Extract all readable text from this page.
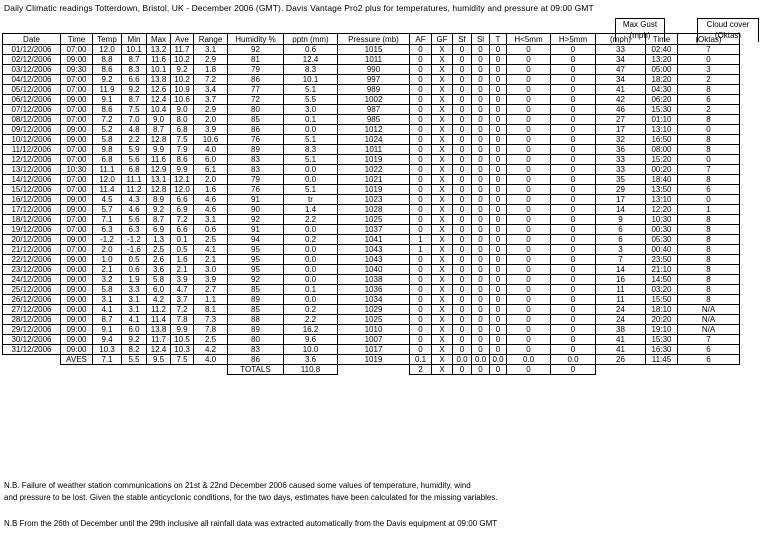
Daily Climatic readings Totterdown, Bristol, UK - December 2006 (GMT). Davis Vantage Pro2 plus for temperatures, humidity and pressure at 09:00 GMT
Max Gust
(mph)
Cloud cover
(Oktas)
Date	Time	Temp	Min	Max	Ave	Range	Humidity %	pptn (mm)	Pressure (mb)	AF	GF	Sf	Sl	T	H<5mm	H>5mm	(mph)	Time	(Oktas)
01/12/2006	07:00	12.0	10.1	13.2	11.7	3.1	92	0.6	1015	0	X	0	0	0	0	0	33	02:40	7
02/12/2006	09:00	8.8	8.7	11.6	10.2	2.9	81	12.4	1011	0	X	0	0	0	0	0	34	13:20	0
03/12/2006	09:30	8.6	8.3	10.1	9.2	1.8	79	8.3	990	0	X	0	0	0	0	0	47	05:00	3
04/12/2006	07:00	9.2	6.6	13.8	10.2	7.2	86	10.1	997	0	X	0	0	0	0	0	34	18:20	2
05/12/2006	07:00	11.9	9.2	12.6	10.9	3.4	77	5.1	989	0	X	0	0	0	0	0	41	04:30	8
06/12/2006	09:00	9.1	8.7	12.4	10.6	3.7	72	5.5	1002	0	X	0	0	0	0	0	42	06:20	6
07/12/2006	07:00	8.6	7.5	10.4	9.0	2.9	80	3.0	987	0	X	0	0	0	0	0	46	15:30	2
08/12/2006	07:00	7.2	7.0	9.0	8.0	2.0	85	0.1	985	0	X	0	0	0	0	0	27	01:10	8
09/12/2006	09:00	5.2	4.8	8.7	6.8	3.9	86	0.0	1012	0	X	0	0	0	0	0	17	13:10	0
10/12/2006	09:00	5.8	2.2	12.8	7.5	10.6	76	5.1	1024	0	X	0	0	0	0	0	32	16:50	8
11/12/2006	07:00	9.8	5.9	9.9	7.9	4.0	89	8.3	1011	0	X	0	0	0	0	0	36	08:00	8
12/12/2006	07:00	6.8	5.6	11.6	8.6	6.0	83	5.1	1019	0	X	0	0	0	0	0	33	15:20	0
13/12/2006	10:30	11.1	6.8	12.9	9.9	6.1	83	0.0	1022	0	X	0	0	0	0	0	33	00:20	7
14/12/2006	07:00	12.0	11.1	13.1	12.1	2.0	79	0.0	1021	0	X	0	0	0	0	0	35	18:40	8
15/12/2006	07:00	11.4	11.2	12.8	12.0	1.6	76	5.1	1019	0	X	0	0	0	0	0	29	13:50	6
16/12/2006	09:00	4.5	4.3	8.9	6.6	4.6	91	tr	1023	0	X	0	0	0	0	0	17	13:10	0
17/12/2006	09:00	5.7	4.6	9.2	6.9	4.6	90	1.4	1028	0	X	0	0	0	0	0	14	12:20	1
18/12/2006	07:00	7.1	5.6	8.7	7.2	3.1	92	2.2	1025	0	X	0	0	0	0	0	9	10:30	8
19/12/2006	07:00	6.3	6.3	6.9	6.6	0.6	91	0.0	1037	0	X	0	0	0	0	0	6	00:30	8
20/12/2006	09:00	-1.2	-1.2	1.3	0.1	2.5	94	0.2	1041	1	X	0	0	0	0	0	6	05:30	8
21/12/2006	07:00	2.0	-1.6	2.5	0.5	4.1	95	0.0	1043	1	X	0	0	0	0	0	3	00:40	8
22/12/2006	09:00	1.0	0.5	2.6	1.6	2.1	95	0.0	1043	0	X	0	0	0	0	0	7	23:50	8
23/12/2006	09:00	2.1	0.6	3.6	2.1	3.0	95	0.0	1040	0	X	0	0	0	0	0	14	21:10	8
24/12/2006	09:00	3.2	1.9	5.8	3.9	3.9	92	0.0	1038	0	X	0	0	0	0	0	16	14:50	8
25/12/2006	09:00	5.8	3.3	6.0	4.7	2.7	85	0.1	1036	0	X	0	0	0	0	0	11	03:20	8
26/12/2006	09:00	3.1	3.1	4.2	3.7	1.1	89	0.0	1034	0	X	0	0	0	0	0	11	15:50	8
27/12/2006	09:00	4.1	3.1	11.2	7.2	8.1	85	0.2	1029	0	X	0	0	0	0	0	24	18:10	N/A
28/12/2006	09:00	8.7	4.1	11.4	7.8	7.3	88	2.2	1025	0	X	0	0	0	0	0	24	20:20	N/A
29/12/2006	09:00	9.1	6.0	13.8	9.9	7.8	89	16.2	1010	0	X	0	0	0	0	0	38	19:10	N/A
30/12/2006	09:00	9.4	9.2	11.7	10.5	2.5	80	9.6	1007	0	X	0	0	0	0	0	41	15:30	7
31/12/2006	09:00	10.3	8.2	12.4	10.3	4.2	83	10.0	1017	0	X	0	0	0	0	0	41	16:30	6
	AVES	7.1	5.5	9.5	7.5	4.0	86	3.6	1019	0.1	X	0.0	0.0	0.0	0.0	0.0	26	11:45	6
							TOTALS	110.8		2	X	0	0	0	0	0			
N.B. Failure of weather station communications on 21st & 22nd December 2006 caused some values of temperature, humidity, wind
and pressure to be lost. Given the stable anticyclonic conditions, for the two days, estimates have been calculated for the missing variables.
N.B From the 26th of December until the 29th inclusive all rainfall data was extracted automatically from the Davis equipment at 09:00 GMT
